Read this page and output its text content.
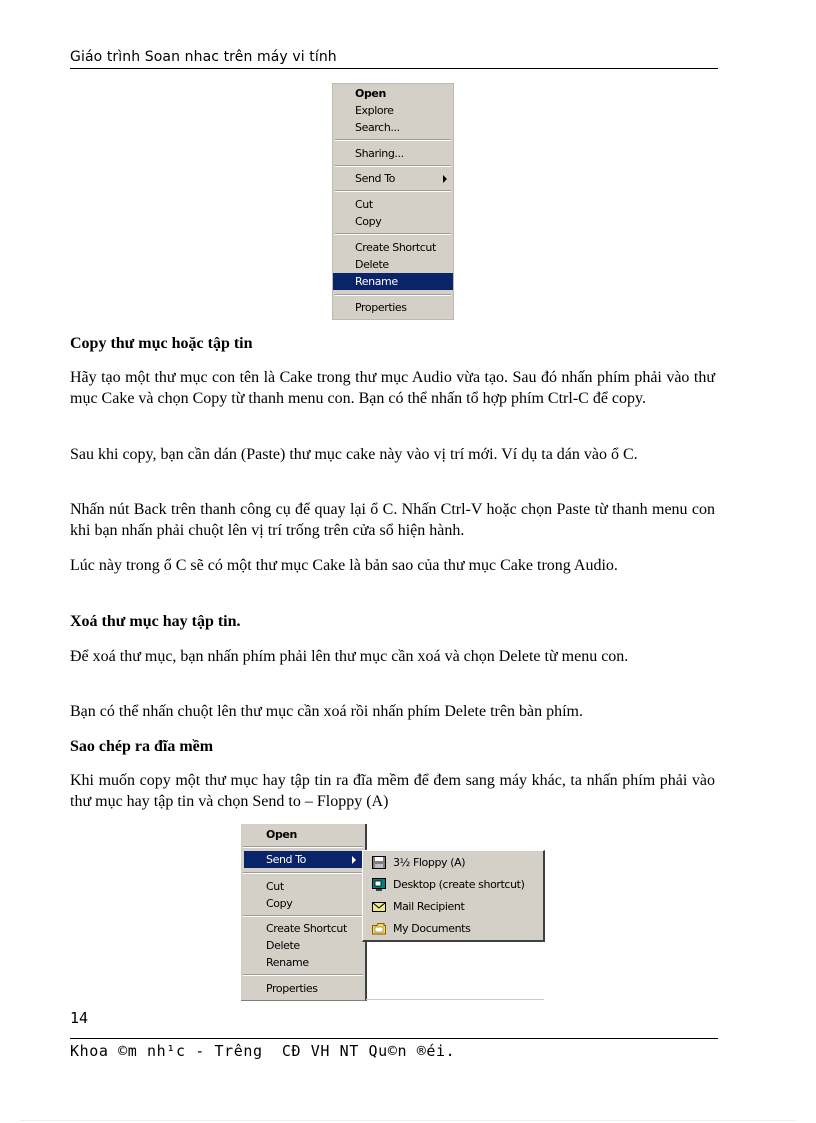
Giáo trình Soan nhac trên máy vi tính
Open
Explore
Search...
Sharing...
Send To
Cut
Copy
Create Shortcut
Delete
Rename
Properties
Copy thư mục hoặc tập tin
Hãy tạo một thư mục con tên là Cake trong thư mục Audio vừa tạo. Sau đó nhấn phím phải vào thư mục Cake và chọn Copy từ thanh menu con. Bạn có thể nhấn tổ hợp phím Ctrl-C để copy.
Sau khi copy, bạn cần dán (Paste) thư mục cake này vào vị trí mới. Ví dụ ta dán vào ổ C.
Nhấn nút Back trên thanh công cụ để quay lại ổ C. Nhấn Ctrl-V hoặc chọn Paste từ thanh menu con khi bạn nhấn phải chuột lên vị trí trống trên cửa sổ hiện hành.
Lúc này trong ổ C sẽ có một thư mục Cake là bản sao của thư mục Cake trong Audio.
Xoá thư mục hay tập tin.
Để xoá thư mục, bạn nhấn phím phải lên thư mục cần xoá và chọn Delete từ menu con.
Bạn có thể nhấn chuột lên thư mục cần xoá rồi nhấn phím Delete trên bàn phím.
Sao chép ra đĩa mềm
Khi muốn copy một thư mục hay tập tin ra đĩa mềm để đem sang máy khác, ta nhấn phím phải vào thư mục hay tập tin và chọn Send to – Floppy (A)
Open
Send To
Cut
Copy
Create Shortcut
Delete
Rename
Properties
3½ Floppy (A)
Desktop (create shortcut)
Mail Recipient
My Documents
14
Khoa ©m nh¹c - Trêng  CĐ VH NT Qu©n ®éi.
